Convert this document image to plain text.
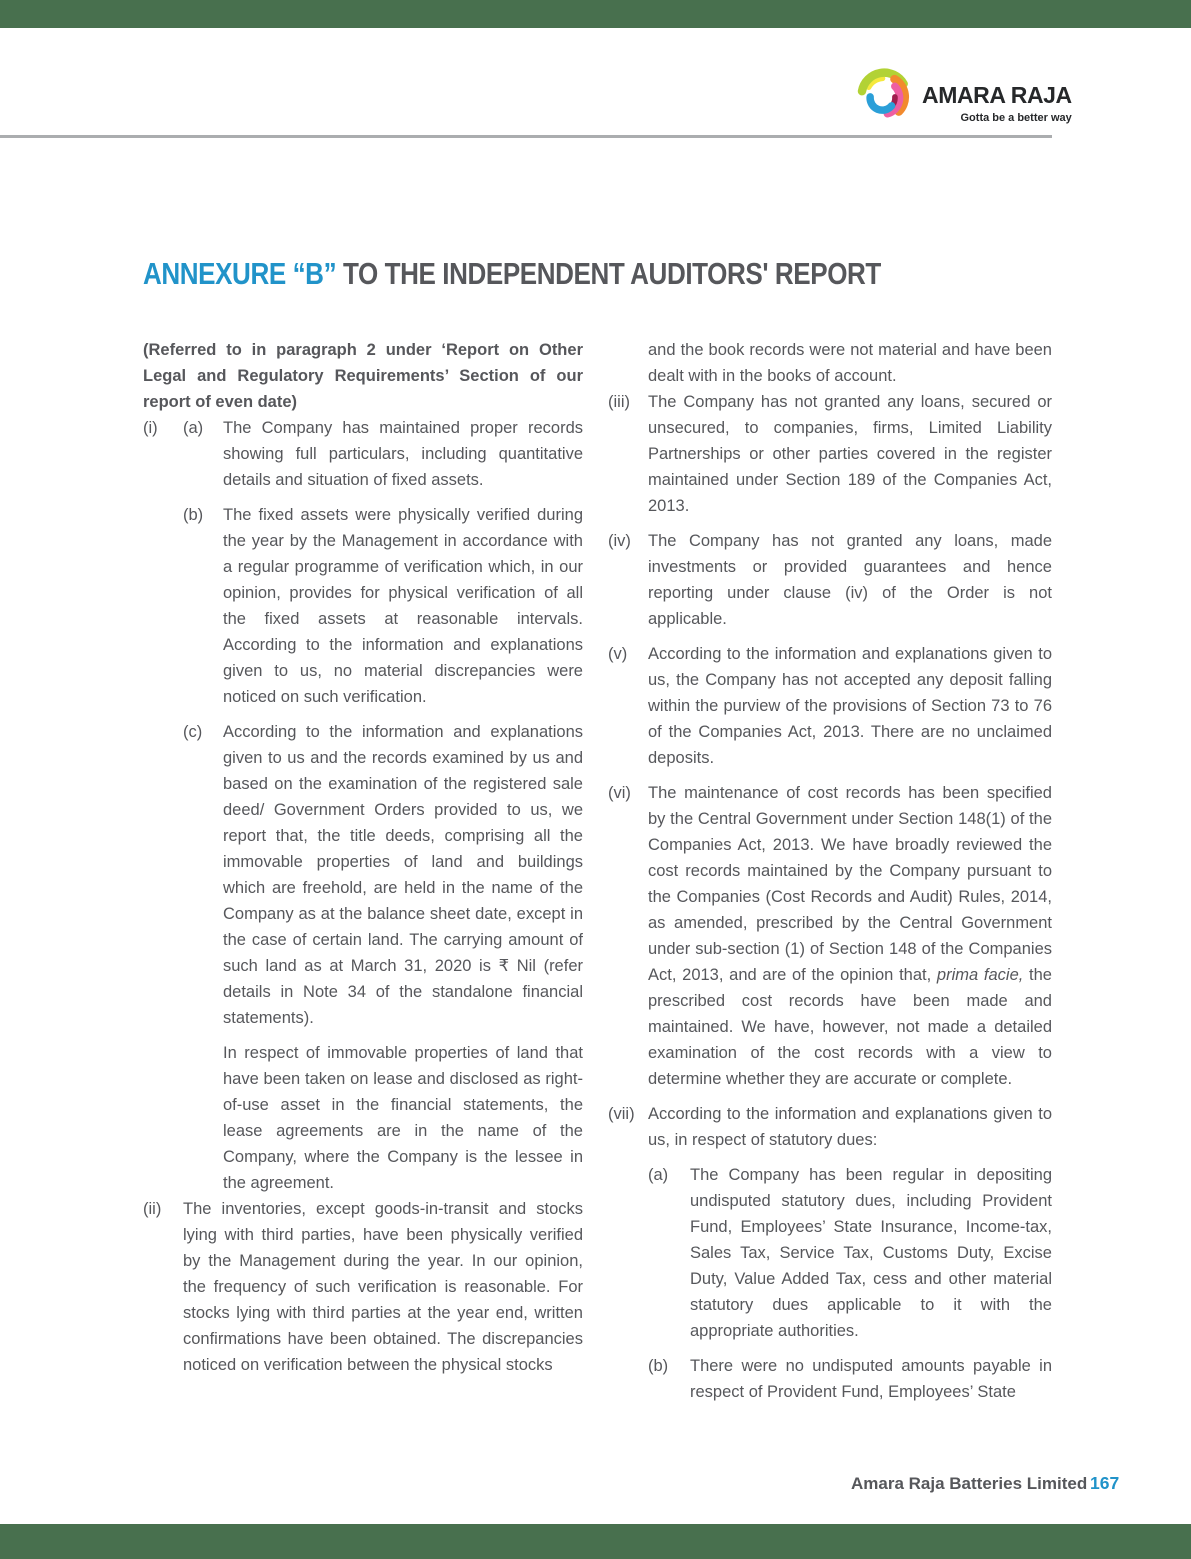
AMARA RAJA
Gotta be a better way
ANNEXURE “B” TO THE INDEPENDENT AUDITORS' REPORT

(Referred to in paragraph 2 under ‘Report on Other Legal and Regulatory Requirements’ Section of our report of even date)

(i)	(a)	The Company has maintained proper records showing full particulars, including quantitative details and situation of fixed assets.

(b)	The fixed assets were physically verified during the year by the Management in accordance with a regular programme of verification which, in our opinion, provides for physical verification of all the fixed assets at reasonable intervals. According to the information and explanations given to us, no material discrepancies were noticed on such verification.

(c)	According to the information and explanations given to us and the records examined by us and based on the examination of the registered sale deed/ Government Orders provided to us, we report that, the title deeds, comprising all the immovable properties of land and buildings which are freehold, are held in the name of the Company as at the balance sheet date, except in the case of certain land. The carrying amount of such land as at March 31, 2020 is ₹ Nil (refer details in Note 34 of the standalone financial statements).

In respect of immovable properties of land that have been taken on lease and disclosed as right-of-use asset in the financial statements, the lease agreements are in the name of the Company, where the Company is the lessee in the agreement.

(ii)	The inventories, except goods-in-transit and stocks lying with third parties, have been physically verified by the Management during the year. In our opinion, the frequency of such verification is reasonable. For stocks lying with third parties at the year end, written confirmations have been obtained. The discrepancies noticed on verification between the physical stocks

and the book records were not material and have been dealt with in the books of account.

(iii)	The Company has not granted any loans, secured or unsecured, to companies, firms, Limited Liability Partnerships or other parties covered in the register maintained under Section 189 of the Companies Act, 2013.

(iv)	The Company has not granted any loans, made investments or provided guarantees and hence reporting under clause (iv) of the Order is not applicable.

(v)	According to the information and explanations given to us, the Company has not accepted any deposit falling within the purview of the provisions of Section 73 to 76 of the Companies Act, 2013. There are no unclaimed deposits.

(vi)	The maintenance of cost records has been specified by the Central Government under Section 148(1) of the Companies Act, 2013. We have broadly reviewed the cost records maintained by the Company pursuant to the Companies (Cost Records and Audit) Rules, 2014, as amended, prescribed by the Central Government under sub-section (1) of Section 148 of the Companies Act, 2013, and are of the opinion that, prima facie, the prescribed cost records have been made and maintained. We have, however, not made a detailed examination of the cost records with a view to determine whether they are accurate or complete.

(vii) According to the information and explanations given to us, in respect of statutory dues:

(a)	The Company has been regular in depositing undisputed statutory dues, including Provident Fund, Employees’ State Insurance, Income-tax, Sales Tax, Service Tax, Customs Duty, Excise Duty, Value Added Tax, cess and other material statutory dues applicable to it with the appropriate authorities.

(b)	There were no undisputed amounts payable in respect of Provident Fund, Employees’ State

Amara Raja Batteries Limited 167
